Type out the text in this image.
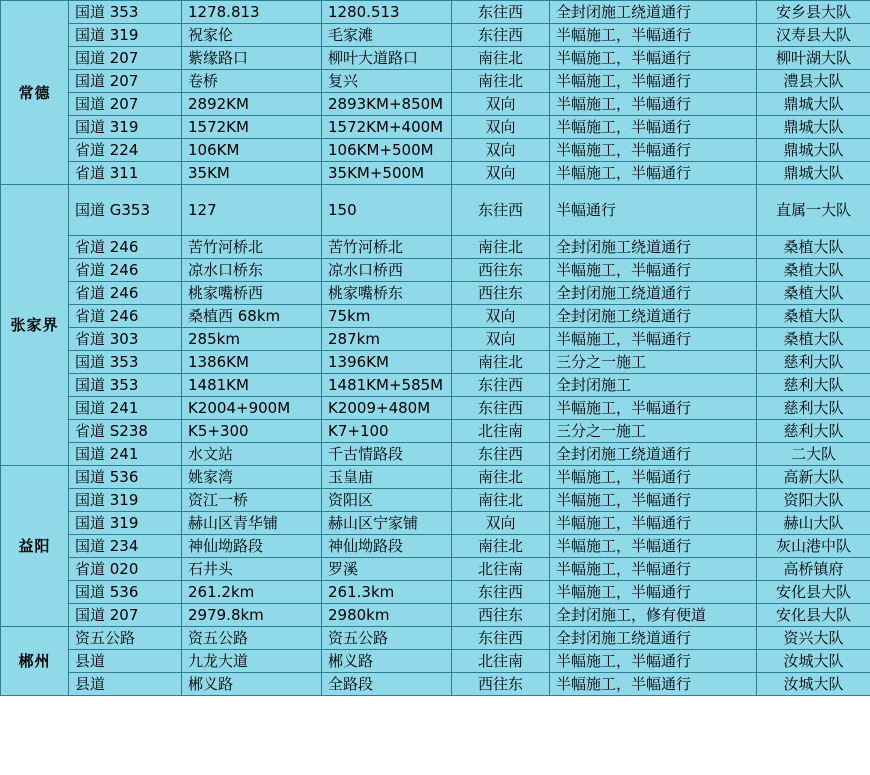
常德	国道 353	1278.813	1280.513	东往西	全封闭施工绕道通行	安乡县大队
	国道 319	祝家伦	毛家滩	东往西	半幅施工，半幅通行	汉寿县大队
	国道 207	紫缘路口	柳叶大道路口	南往北	半幅施工，半幅通行	柳叶湖大队
	国道 207	卷桥	复兴	南往北	半幅施工，半幅通行	澧县大队
	国道 207	2892KM	2893KM+850M	双向	半幅施工，半幅通行	鼎城大队
	国道 319	1572KM	1572KM+400M	双向	半幅施工，半幅通行	鼎城大队
	省道 224	106KM	106KM+500M	双向	半幅施工，半幅通行	鼎城大队
	省道 311	35KM	35KM+500M	双向	半幅施工，半幅通行	鼎城大队
张家界	国道 G353	127	150	东往西	半幅通行	直属一大队
	省道 246	苦竹河桥北	苦竹河桥北	南往北	全封闭施工绕道通行	桑植大队
	省道 246	凉水口桥东	凉水口桥西	西往东	半幅施工，半幅通行	桑植大队
	省道 246	桃家嘴桥西	桃家嘴桥东	西往东	全封闭施工绕道通行	桑植大队
	省道 246	桑植西 68km	75km	双向	全封闭施工绕道通行	桑植大队
	省道 303	285km	287km	双向	半幅施工，半幅通行	桑植大队
	国道 353	1386KM	1396KM	南往北	三分之一施工	慈利大队
	国道 353	1481KM	1481KM+585M	东往西	全封闭施工	慈利大队
	国道 241	K2004+900M	K2009+480M	东往西	半幅施工，半幅通行	慈利大队
	省道 S238	K5+300	K7+100	北往南	三分之一施工	慈利大队
	国道 241	水文站	千古情路段	东往西	全封闭施工绕道通行	二大队
益阳	国道 536	姚家湾	玉皇庙	南往北	半幅施工，半幅通行	高新大队
	国道 319	资江一桥	资阳区	南往北	半幅施工，半幅通行	资阳大队
	国道 319	赫山区青华铺	赫山区宁家铺	双向	半幅施工，半幅通行	赫山大队
	国道 234	神仙坳路段	神仙坳路段	南往北	半幅施工，半幅通行	灰山港中队
	省道 020	石井头	罗溪	北往南	半幅施工，半幅通行	高桥镇府
	国道 536	261.2km	261.3km	东往西	半幅施工，半幅通行	安化县大队
	国道 207	2979.8km	2980km	西往东	全封闭施工，修有便道	安化县大队
郴州	资五公路	资五公路	资五公路	东往西	全封闭施工绕道通行	资兴大队
	县道	九龙大道	郴义路	北往南	半幅施工，半幅通行	汝城大队
	县道	郴义路	全路段	西往东	半幅施工，半幅通行	汝城大队
